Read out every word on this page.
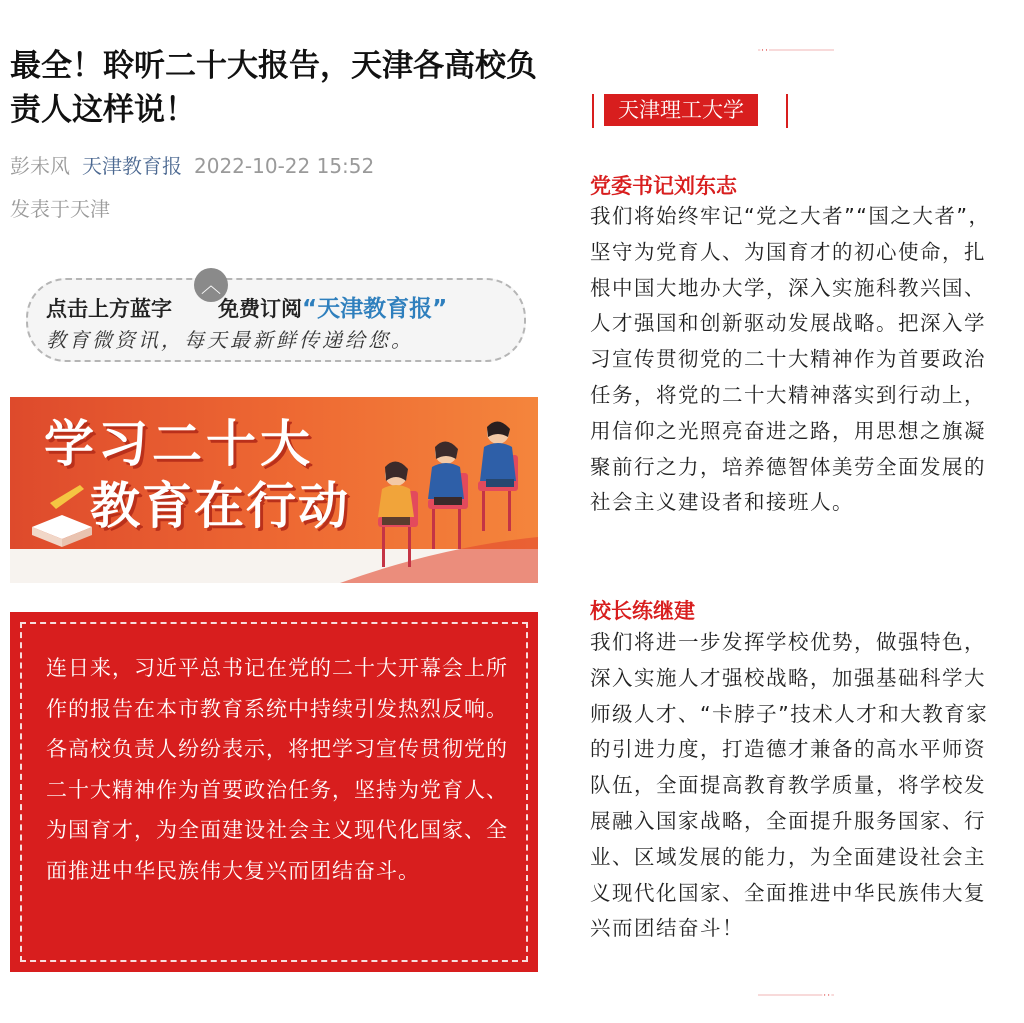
最全！聆听二十大报告，天津各高校负责人这样说！
彭未风 天津教育报 2022-10-22 15:52
发表于天津
点击上方蓝字 免费订阅“天津教育报”
教育微资讯，每天最新鲜传递给您。
︿
学习二十大
教育在行动

连日来，习近平总书记在党的二十大开幕会上所作的报告在本市教育系统中持续引发热烈反响。各高校负责人纷纷表示，将把学习宣传贯彻党的二十大精神作为首要政治任务，坚持为党育人、为国育才，为全面建设社会主义现代化国家、全面推进中华民族伟大复兴而团结奋斗。

天津理工大学
党委书记刘东志

我们将始终牢记“党之大者”“国之大者”，坚守为党育人、为国育才的初心使命，扎根中国大地办大学，深入实施科教兴国、人才强国和创新驱动发展战略。把深入学习宣传贯彻党的二十大精神作为首要政治任务，将党的二十大精神落实到行动上，用信仰之光照亮奋进之路，用思想之旗凝聚前行之力，培养德智体美劳全面发展的社会主义建设者和接班人。

校长练继建

我们将进一步发挥学校优势，做强特色，深入实施人才强校战略，加强基础科学大师级人才、“卡脖子”技术人才和大教育家的引进力度，打造德才兼备的高水平师资队伍，全面提高教育教学质量，将学校发展融入国家战略，全面提升服务国家、行业、区域发展的能力，为全面建设社会主义现代化国家、全面推进中华民族伟大复兴而团结奋斗！
